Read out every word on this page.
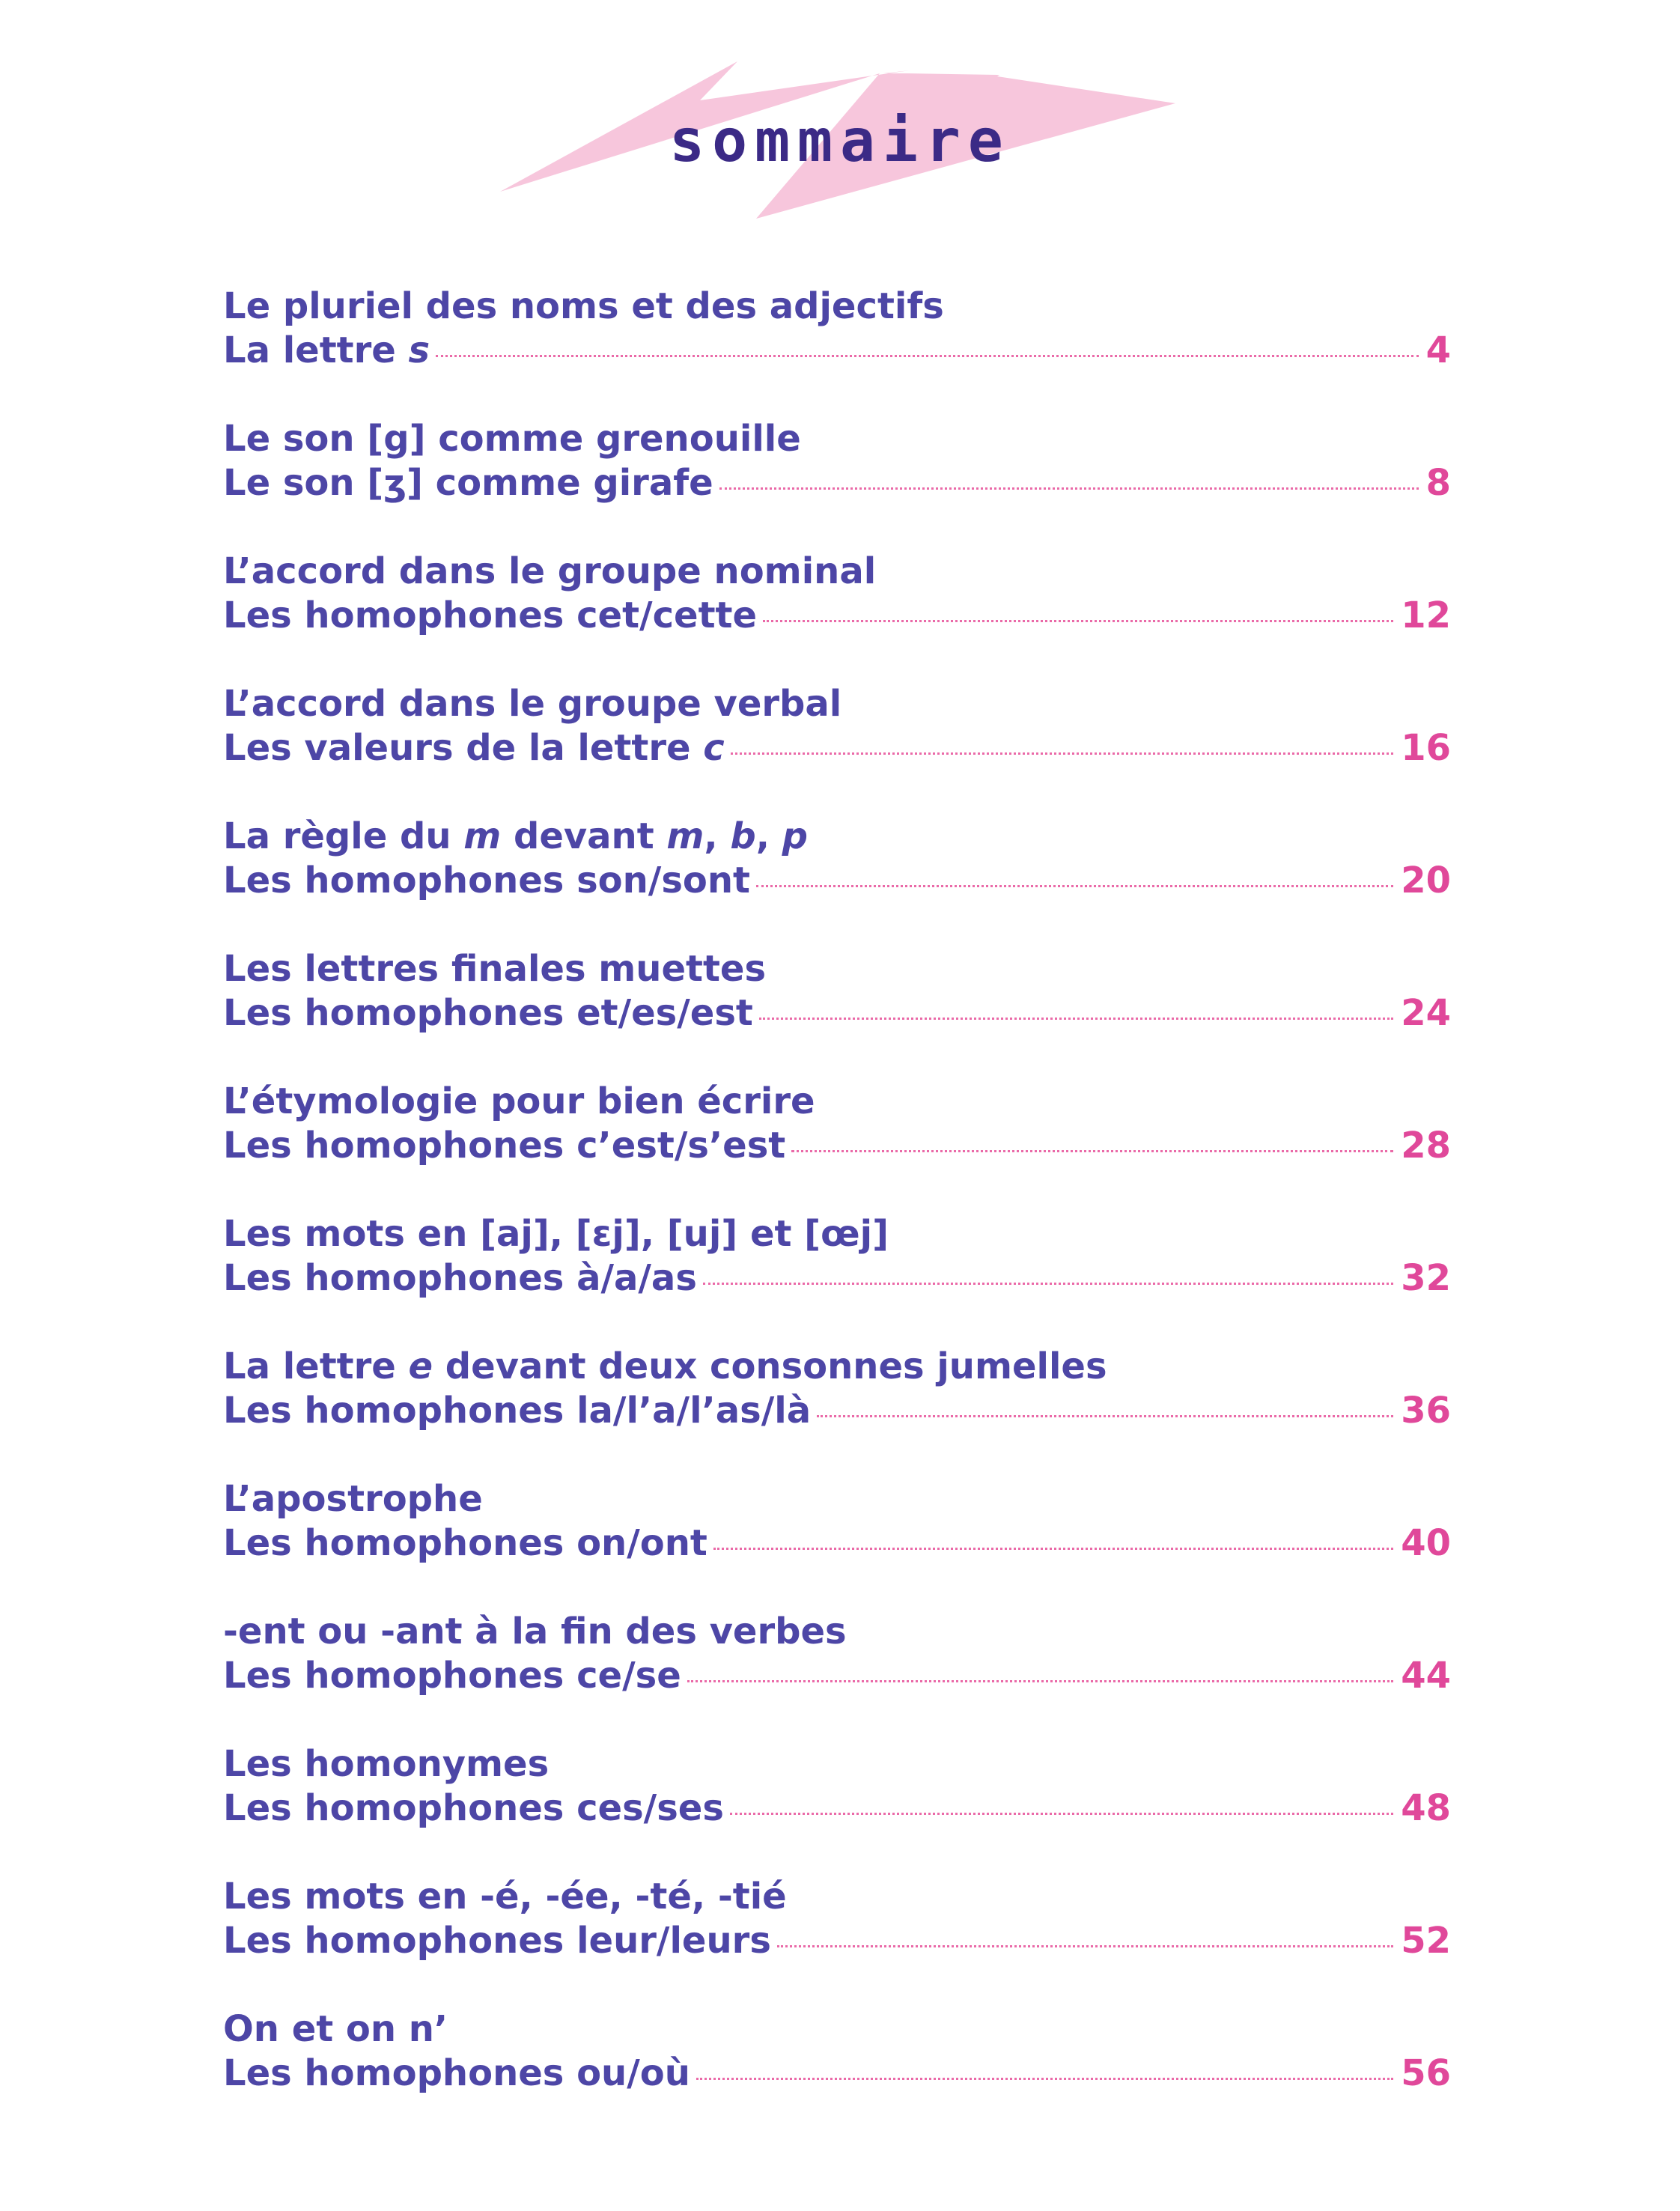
sommaire
Le pluriel des noms et des adjectifs
La lettre s	4
Le son [g] comme grenouille
Le son [ʒ] comme girafe	8
L’accord dans le groupe nominal
Les homophones cet/cette	12
L’accord dans le groupe verbal
Les valeurs de la lettre c	16
La règle du m devant m , b , p
Les homophones son/sont	20
Les lettres finales muettes
Les homophones et/es/est	24
L’étymologie pour bien écrire
Les homophones c’est/s’est	28
Les mots en [aj], [ɛj], [uj] et [œj]
Les homophones à/a/as	32
La lettre e devant deux consonnes jumelles
Les homophones la/l’a/l’as/là	36
L’apostrophe
Les homophones on/ont	40
-ent ou -ant à la fin des verbes
Les homophones ce/se	44
Les homonymes
Les homophones ces/ses	48
Les mots en -é, -ée, -té, -tié
Les homophones leur/leurs	52
On et on n’
Les homophones ou/où	56
